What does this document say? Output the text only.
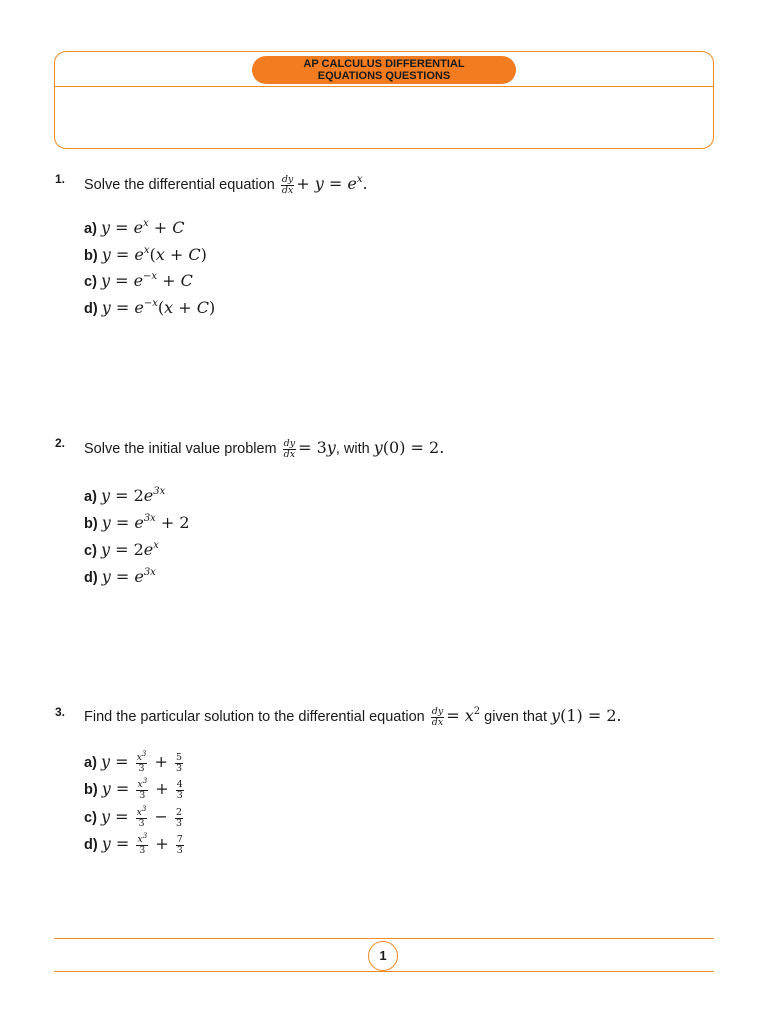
AP CALCULUS DIFFERENTIAL
EQUATIONS QUESTIONS
1. Solve the differential equation $\frac{dy}{dx} + y = e^x$.
a) $y = e^x + C$
b) $y = e^x(x + C)$
c) $y = e^{-x} + C$
d) $y = e^{-x}(x + C)$
2. Solve the initial value problem $\frac{dy}{dx} = 3y$, with y(0) = 2.
a) $y = 2e^{3x}$
b) $y = e^{3x} + 2$
c) $y = 2e^x$
d) $y = e^{3x}$
3. Find the particular solution to the differential equation $\frac{dy}{dx} = x^2$ given that y(1) = 2.
a) $y = \frac{x^3}{3} + \frac{5}{3}$
b) $y = \frac{x^3}{3} + \frac{4}{3}$
c) $y = \frac{x^3}{3} - \frac{2}{3}$
d) $y = \frac{x^3}{3} + \frac{7}{3}$
1
